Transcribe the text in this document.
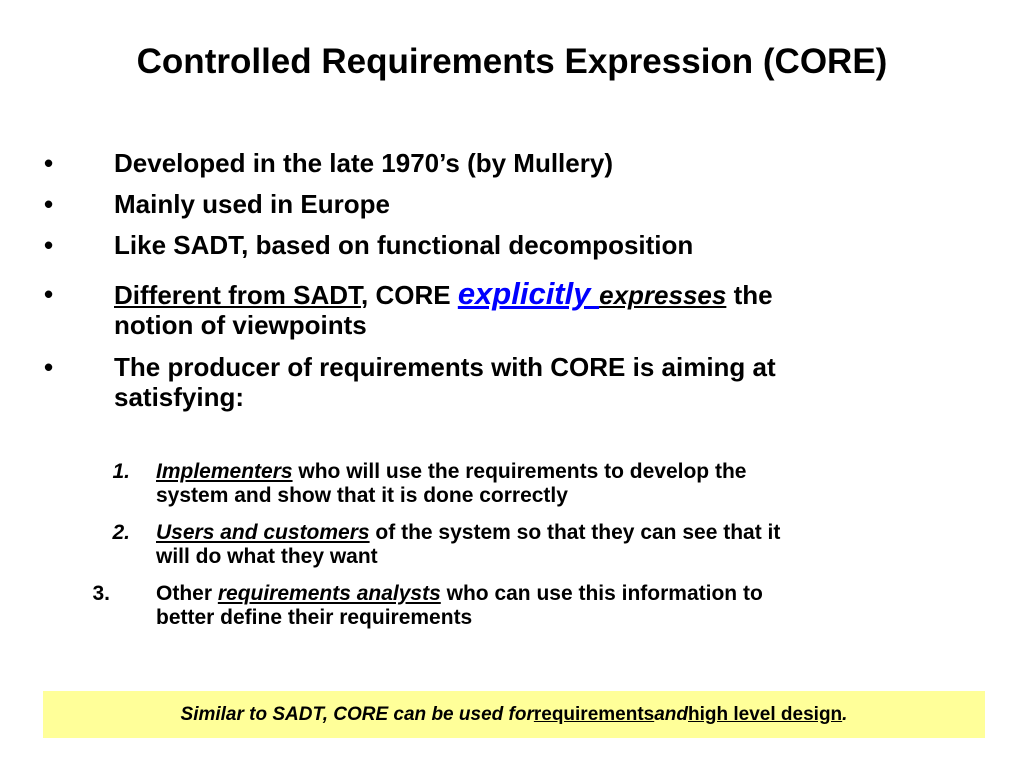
Controlled Requirements Expression (CORE)
• Developed in the late 1970’s (by Mullery)
• Mainly used in Europe
• Like SADT, based on functional decomposition
• Different from SADT, CORE explicitly expresses the
notion of viewpoints
• The producer of requirements with CORE is aiming at
satisfying:
1. Implementers who will use the requirements to develop the
system and show that it is done correctly
2. Users and customers of the system so that they can see that it
will do what they want
3. Other requirements analysts who can use this information to
better define their requirements
Similar to SADT, CORE can be used for requirements and high level design .
